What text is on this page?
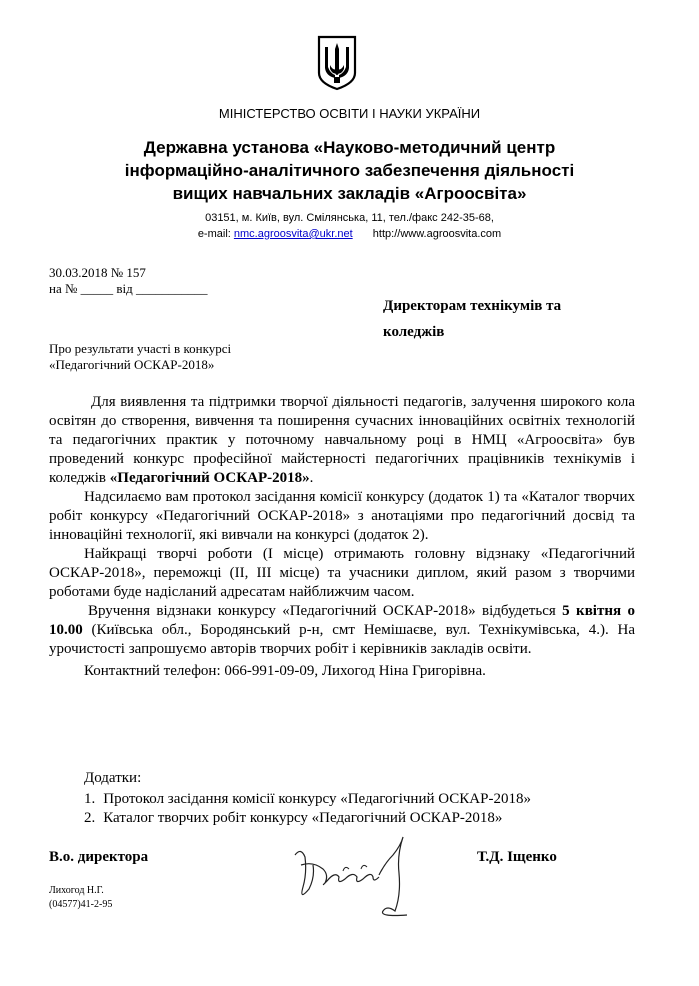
МІНІСТЕРСТВО ОСВІТИ І НАУКИ УКРАЇНИ
Державна установа «Науково-методичний центр
інформаційно-аналітичного забезпечення діяльності
вищих навчальних закладів «Агроосвіта»
03151, м. Київ, вул. Смілянська, 11, тел./факс 242-35-68,
e-mail: nmc.agroosvita@ukr.net http://www.agroosvita.com
30.03.2018 № 157
на № _____ від ___________
Директорам технікумів та
коледжів
Про результати участі в конкурсі
«Педагогічний ОСКАР-2018»

Для виявлення та підтримки творчої діяльності педагогів, залучення широкого кола освітян до створення, вивчення та поширення сучасних інноваційних освітніх технологій та педагогічних практик у поточному навчальному році в НМЦ «Агроосвіта» був проведений конкурс професійної майстерності педагогічних працівників технікумів і коледжів «Педагогічний ОСКАР-2018».

Надсилаємо вам протокол засідання комісії конкурсу (додаток 1) та «Каталог творчих робіт конкурсу «Педагогічний ОСКАР-2018» з анотаціями про педагогічний досвід та інноваційні технології, які вивчали на конкурсі (додаток 2).

Найкращі творчі роботи (І місце) отримають головну відзнаку «Педагогічний ОСКАР-2018», переможці (ІІ, ІІІ місце) та учасники диплом, який разом з творчими роботами буде надісланий адресатам найближчим часом.

Вручення відзнаки конкурсу «Педагогічний ОСКАР-2018» відбудеться 5 квітня о 10.00 (Київська обл., Бородянський р-н, смт Немішаєве, вул. Технікумівська, 4.). На урочистості запрошуємо авторів творчих робіт і керівників закладів освіти.

Контактний телефон: 066-991-09-09, Лихогод Ніна Григорівна.

Додатки:
1. Протокол засідання комісії конкурсу «Педагогічний ОСКАР-2018»
2. Каталог творчих робіт конкурсу «Педагогічний ОСКАР-2018»
В.о. директора	Т.Д. Іщенко
Лихогод Н.Г.
(04577)41-2-95
